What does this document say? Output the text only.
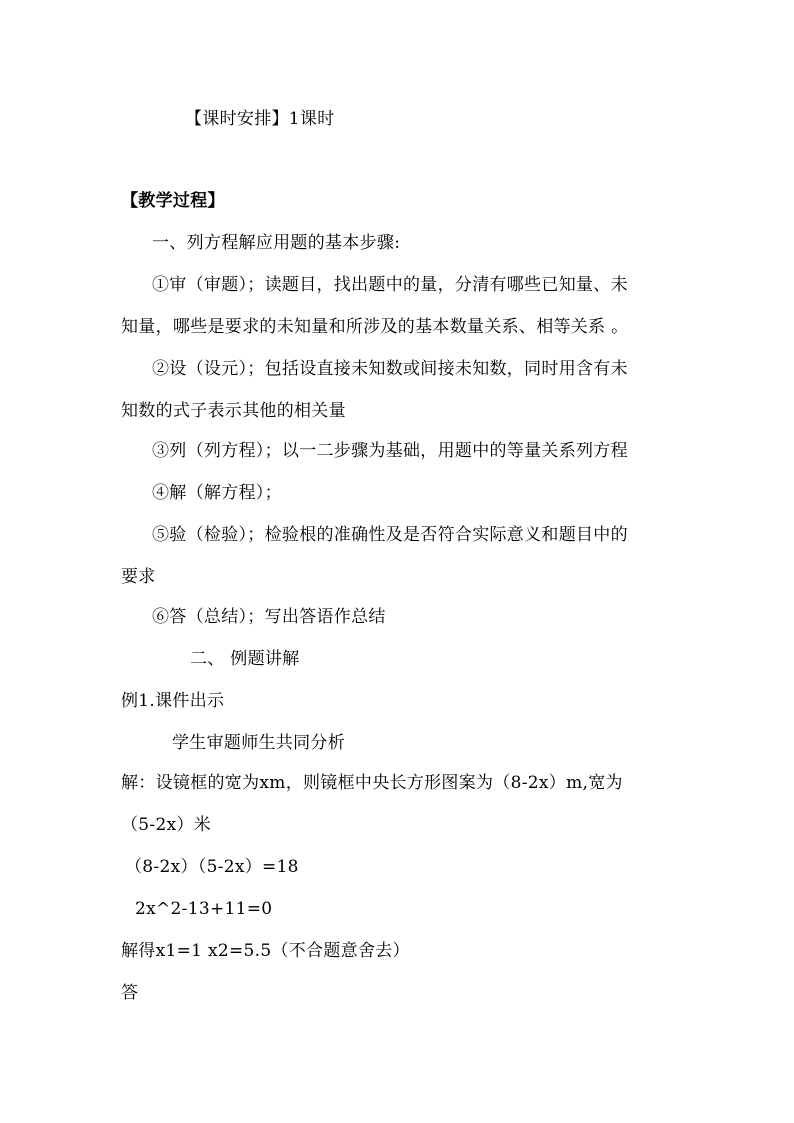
【课时安排】1课时
【教学过程】
一、列方程解应用题的基本步骤:
①审（审题）；读题目，找出题中的量，分清有哪些已知量、未
知量，哪些是要求的未知量和所涉及的基本数量关系、相等关系 。
②设（设元）；包括设直接未知数或间接未知数，同时用含有未
知数的式子表示其他的相关量
③列（列方程）；以一二步骤为基础，用题中的等量关系列方程
④解（解方程）；
⑤验（检验）；检验根的准确性及是否符合实际意义和题目中的
要求
⑥答（总结）；写出答语作总结
二、 例题讲解
例1.课件出示
学生审题师生共同分析
解：设镜框的宽为xm，则镜框中央长方形图案为（8-2x）m,宽为
（5-2x）米
（8-2x）（5-2x）=18
2x^2-13+11=0
解得x1=1 x2=5.5（不合题意舍去）
答
